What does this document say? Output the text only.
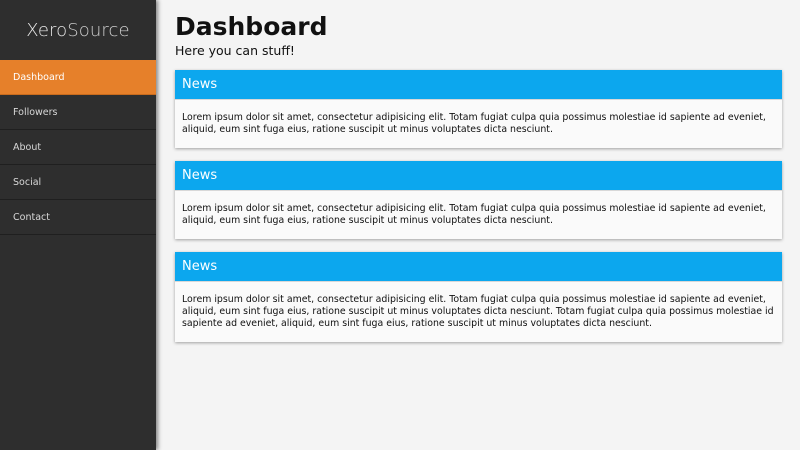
Xero Source
Dashboard
Followers
About
Social
Contact
Dashboard

Here you can stuff!

News
Lorem ipsum dolor sit amet, consectetur adipisicing elit. Totam fugiat culpa quia possimus molestiae id sapiente ad eveniet, aliquid, eum sint fuga eius, ratione suscipit ut minus voluptates dicta nesciunt.
News
Lorem ipsum dolor sit amet, consectetur adipisicing elit. Totam fugiat culpa quia possimus molestiae id sapiente ad eveniet, aliquid, eum sint fuga eius, ratione suscipit ut minus voluptates dicta nesciunt.
News
Lorem ipsum dolor sit amet, consectetur adipisicing elit. Totam fugiat culpa quia possimus molestiae id sapiente ad eveniet, aliquid, eum sint fuga eius, ratione suscipit ut minus voluptates dicta nesciunt. Totam fugiat culpa quia possimus molestiae id sapiente ad eveniet, aliquid, eum sint fuga eius, ratione suscipit ut minus voluptates dicta nesciunt.
